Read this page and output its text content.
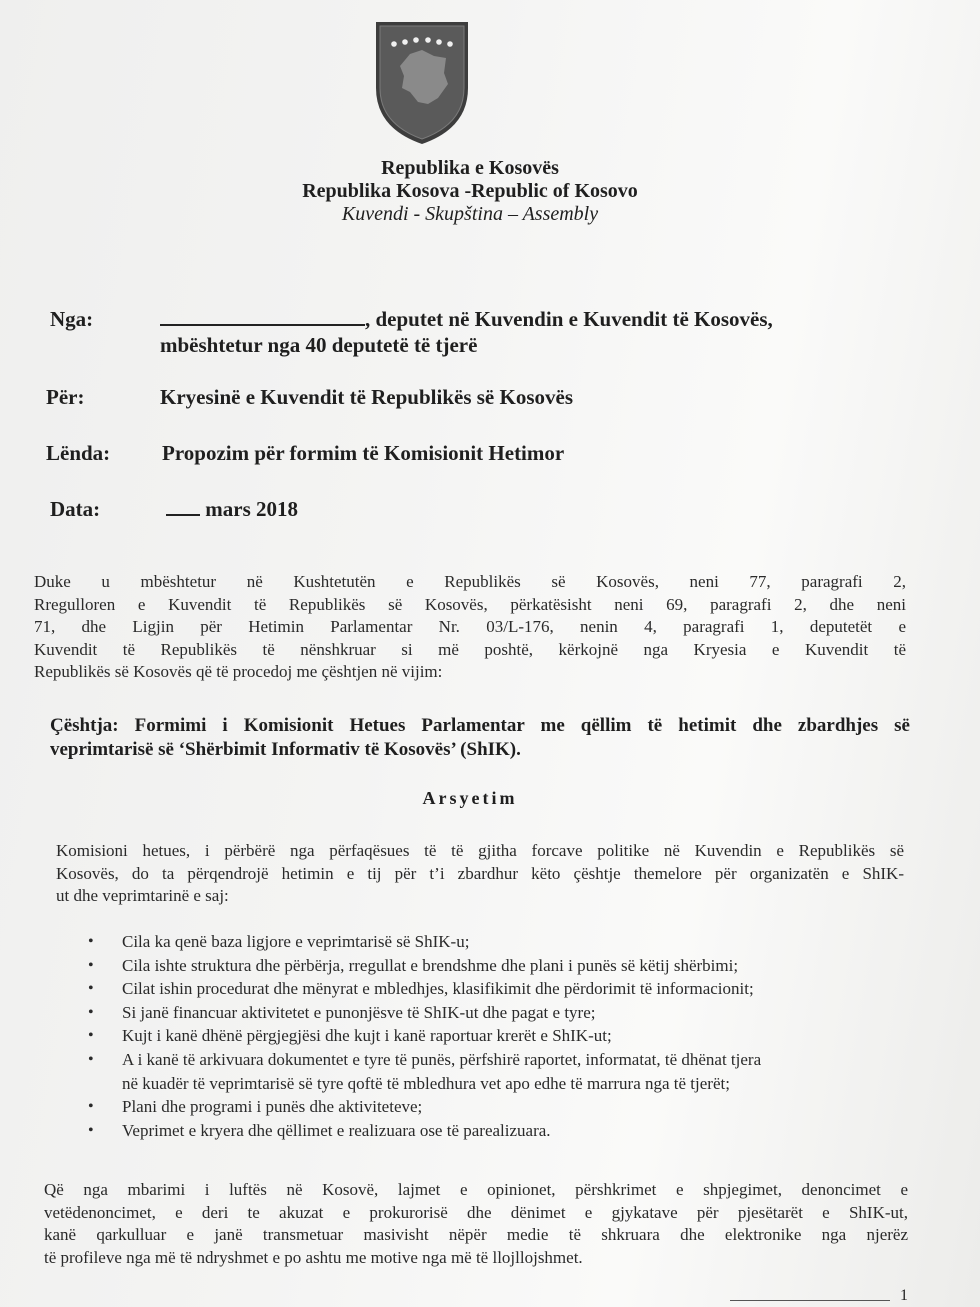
Republika e Kosovës
Republika Kosova -Republic of Kosovo
Kuvendi - Skupština – Assembly
Nga:	, deputet në Kuvendin e Kuvendit të Kosovës,
mbështetur nga 40 deputetë të tjerë
Për:	Kryesinë e Kuvendit të Republikës së Kosovës
Lënda:	Propozim për formim të Komisionit Hetimor
Data:	mars 2018
Duke u mbështetur në Kushtetutën e Republikës së Kosovës, neni 77, paragrafi 2,
Rregulloren e Kuvendit të Republikës së Kosovës, përkatësisht neni 69, paragrafi 2, dhe neni
71, dhe Ligjin për Hetimin Parlamentar Nr. 03/L-176, nenin 4, paragrafi 1, deputetët e
Kuvendit të Republikës të nënshkruar si më poshtë, kërkojnë nga Kryesia e Kuvendit të
Republikës së Kosovës që të procedoj me çështjen në vijim:
Çështja: Formimi i Komisionit Hetues Parlamentar me qëllim të hetimit dhe zbardhjes së
veprimtarisë së ‘Shërbimit Informativ të Kosovës’ (ShIK).
Arsyetim
Komisioni hetues, i përbërë nga përfaqësues të të gjitha forcave politike në Kuvendin e Republikës së
Kosovës, do ta përqendrojë hetimin e tij për t’i zbardhur këto çështje themelore për organizatën e ShIK-
ut dhe veprimtarinë e saj:
• Cila ka qenë baza ligjore e veprimtarisë së ShIK-u;
• Cila ishte struktura dhe përbërja, rregullat e brendshme dhe plani i punës së këtij shërbimi;
• Cilat ishin procedurat dhe mënyrat e mbledhjes, klasifikimit dhe përdorimit të informacionit;
• Si janë financuar aktivitetet e punonjësve të ShIK-ut dhe pagat e tyre;
• Kujt i kanë dhënë përgjegjësi dhe kujt i kanë raportuar krerët e ShIK-ut;
• A i kanë të arkivuara dokumentet e tyre të punës, përfshirë raportet, informatat, të dhënat tjera
në kuadër të veprimtarisë së tyre qoftë të mbledhura vet apo edhe të marrura nga të tjerët;
• Plani dhe programi i punës dhe aktiviteteve;
• Veprimet e kryera dhe qëllimet e realizuara ose të parealizuara.
Që nga mbarimi i luftës në Kosovë, lajmet e opinionet, përshkrimet e shpjegimet, denoncimet e
vetëdenoncimet, e deri te akuzat e prokurorisë dhe dënimet e gjykatave për pjesëtarët e ShIK-ut,
kanë qarkulluar e janë transmetuar masivisht nëpër medie të shkruara dhe elektronike nga njerëz
të profileve nga më të ndryshmet e po ashtu me motive nga më të llojllojshmet.
1
